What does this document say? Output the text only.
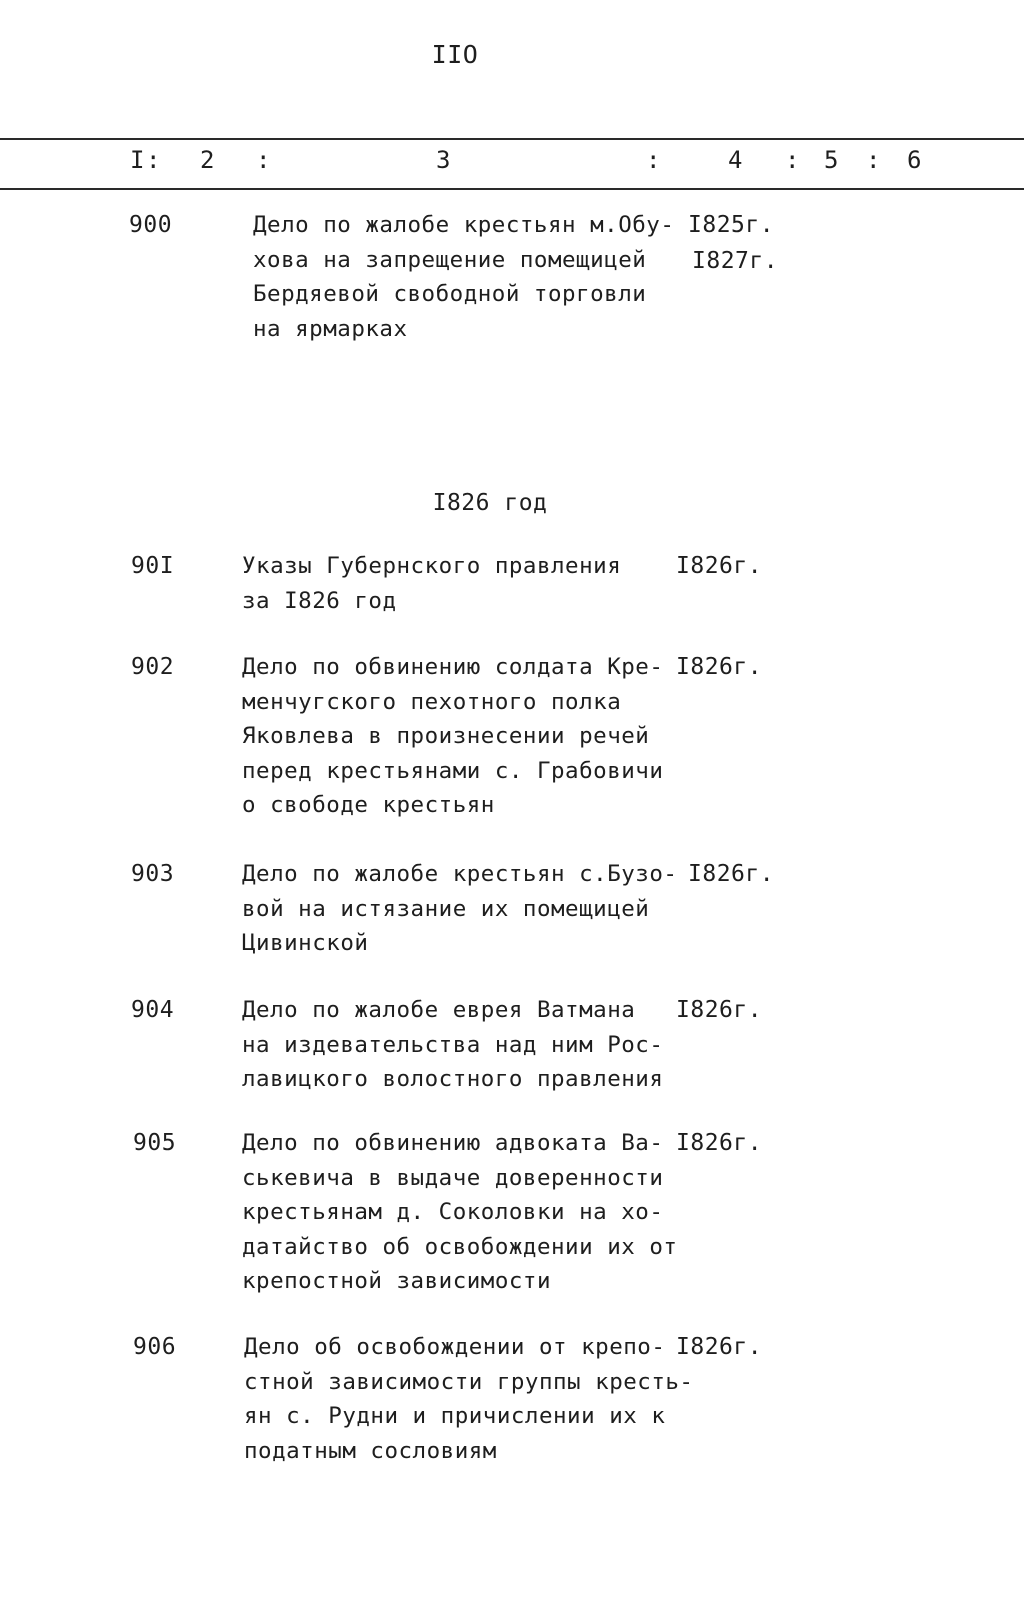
IIO
I : 2 :	3	:	4 : 5 : 6
900	Дело по жалобе крестьян м.Обу-
хова на запрещение помещицей
Бердяевой свободной торговли
на ярмарках
I825г.
I827г.
I826 год
90I	Указы Губернского правления
за I826 год
I826г.
902	Дело по обвинению солдата Кре-
менчугского пехотного полка
Яковлева в произнесении речей
перед крестьянами с. Грабовичи
о свободе крестьян
I826г.
903	Дело по жалобе крестьян с.Бузо-
вой на истязание их помещицей
Цивинской
I826г.
904	Дело по жалобе еврея Ватмана
на издевательства над ним Рос-
лавицкого волостного правления
I826г.
905	Дело по обвинению адвоката Ва-
ськевича в выдаче доверенности
крестьянам д. Соколовки на хо-
датайство об освобождении их от
крепостной зависимости
I826г.
906	Дело об освобождении от крепо-
стной зависимости группы кресть-
ян с. Рудни и причислении их к
податным сословиям
I826г.
